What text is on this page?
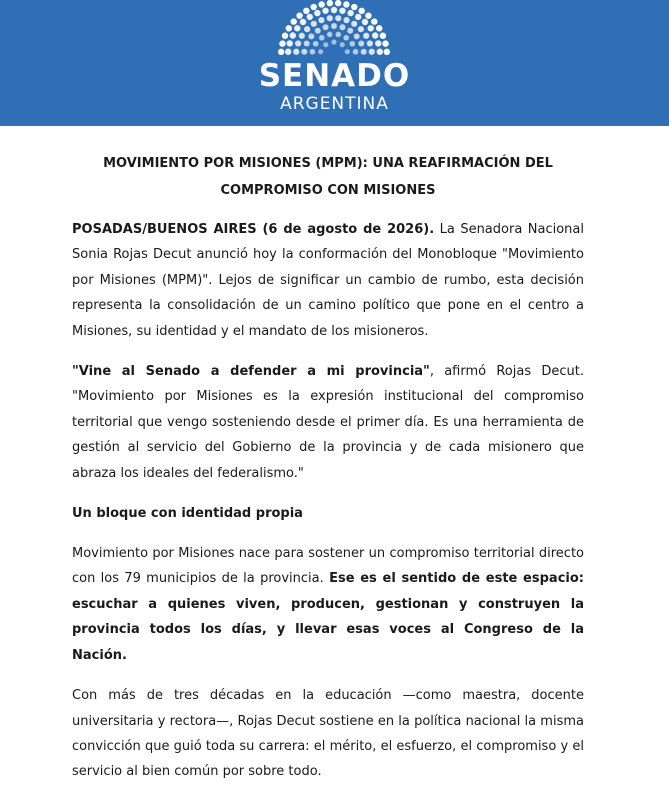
SENADO
ARGENTINA
MOVIMIENTO POR MISIONES (MPM): UNA REAFIRMACIÓN DEL
COMPROMISO CON MISIONES

POSADAS/BUENOS AIRES (6 de agosto de 2026). La Senadora Nacional Sonia Rojas Decut anunció hoy la conformación del Monobloque "Movimiento por Misiones (MPM)". Lejos de significar un cambio de rumbo, esta decisión representa la consolidación de un camino político que pone en el centro a Misiones, su identidad y el mandato de los misioneros.

"Vine al Senado a defender a mi provincia", afirmó Rojas Decut. "Movimiento por Misiones es la expresión institucional del compromiso territorial que vengo sosteniendo desde el primer día. Es una herramienta de gestión al servicio del Gobierno de la provincia y de cada misionero que abraza los ideales del federalismo."

Un bloque con identidad propia

Movimiento por Misiones nace para sostener un compromiso territorial directo con los 79 municipios de la provincia. Ese es el sentido de este espacio: escuchar a quienes viven, producen, gestionan y construyen la provincia todos los días, y llevar esas voces al Congreso de la Nación.

Con más de tres décadas en la educación —como maestra, docente universitaria y rectora—, Rojas Decut sostiene en la política nacional la misma convicción que guió toda su carrera: el mérito, el esfuerzo, el compromiso y el servicio al bien común por sobre todo.
